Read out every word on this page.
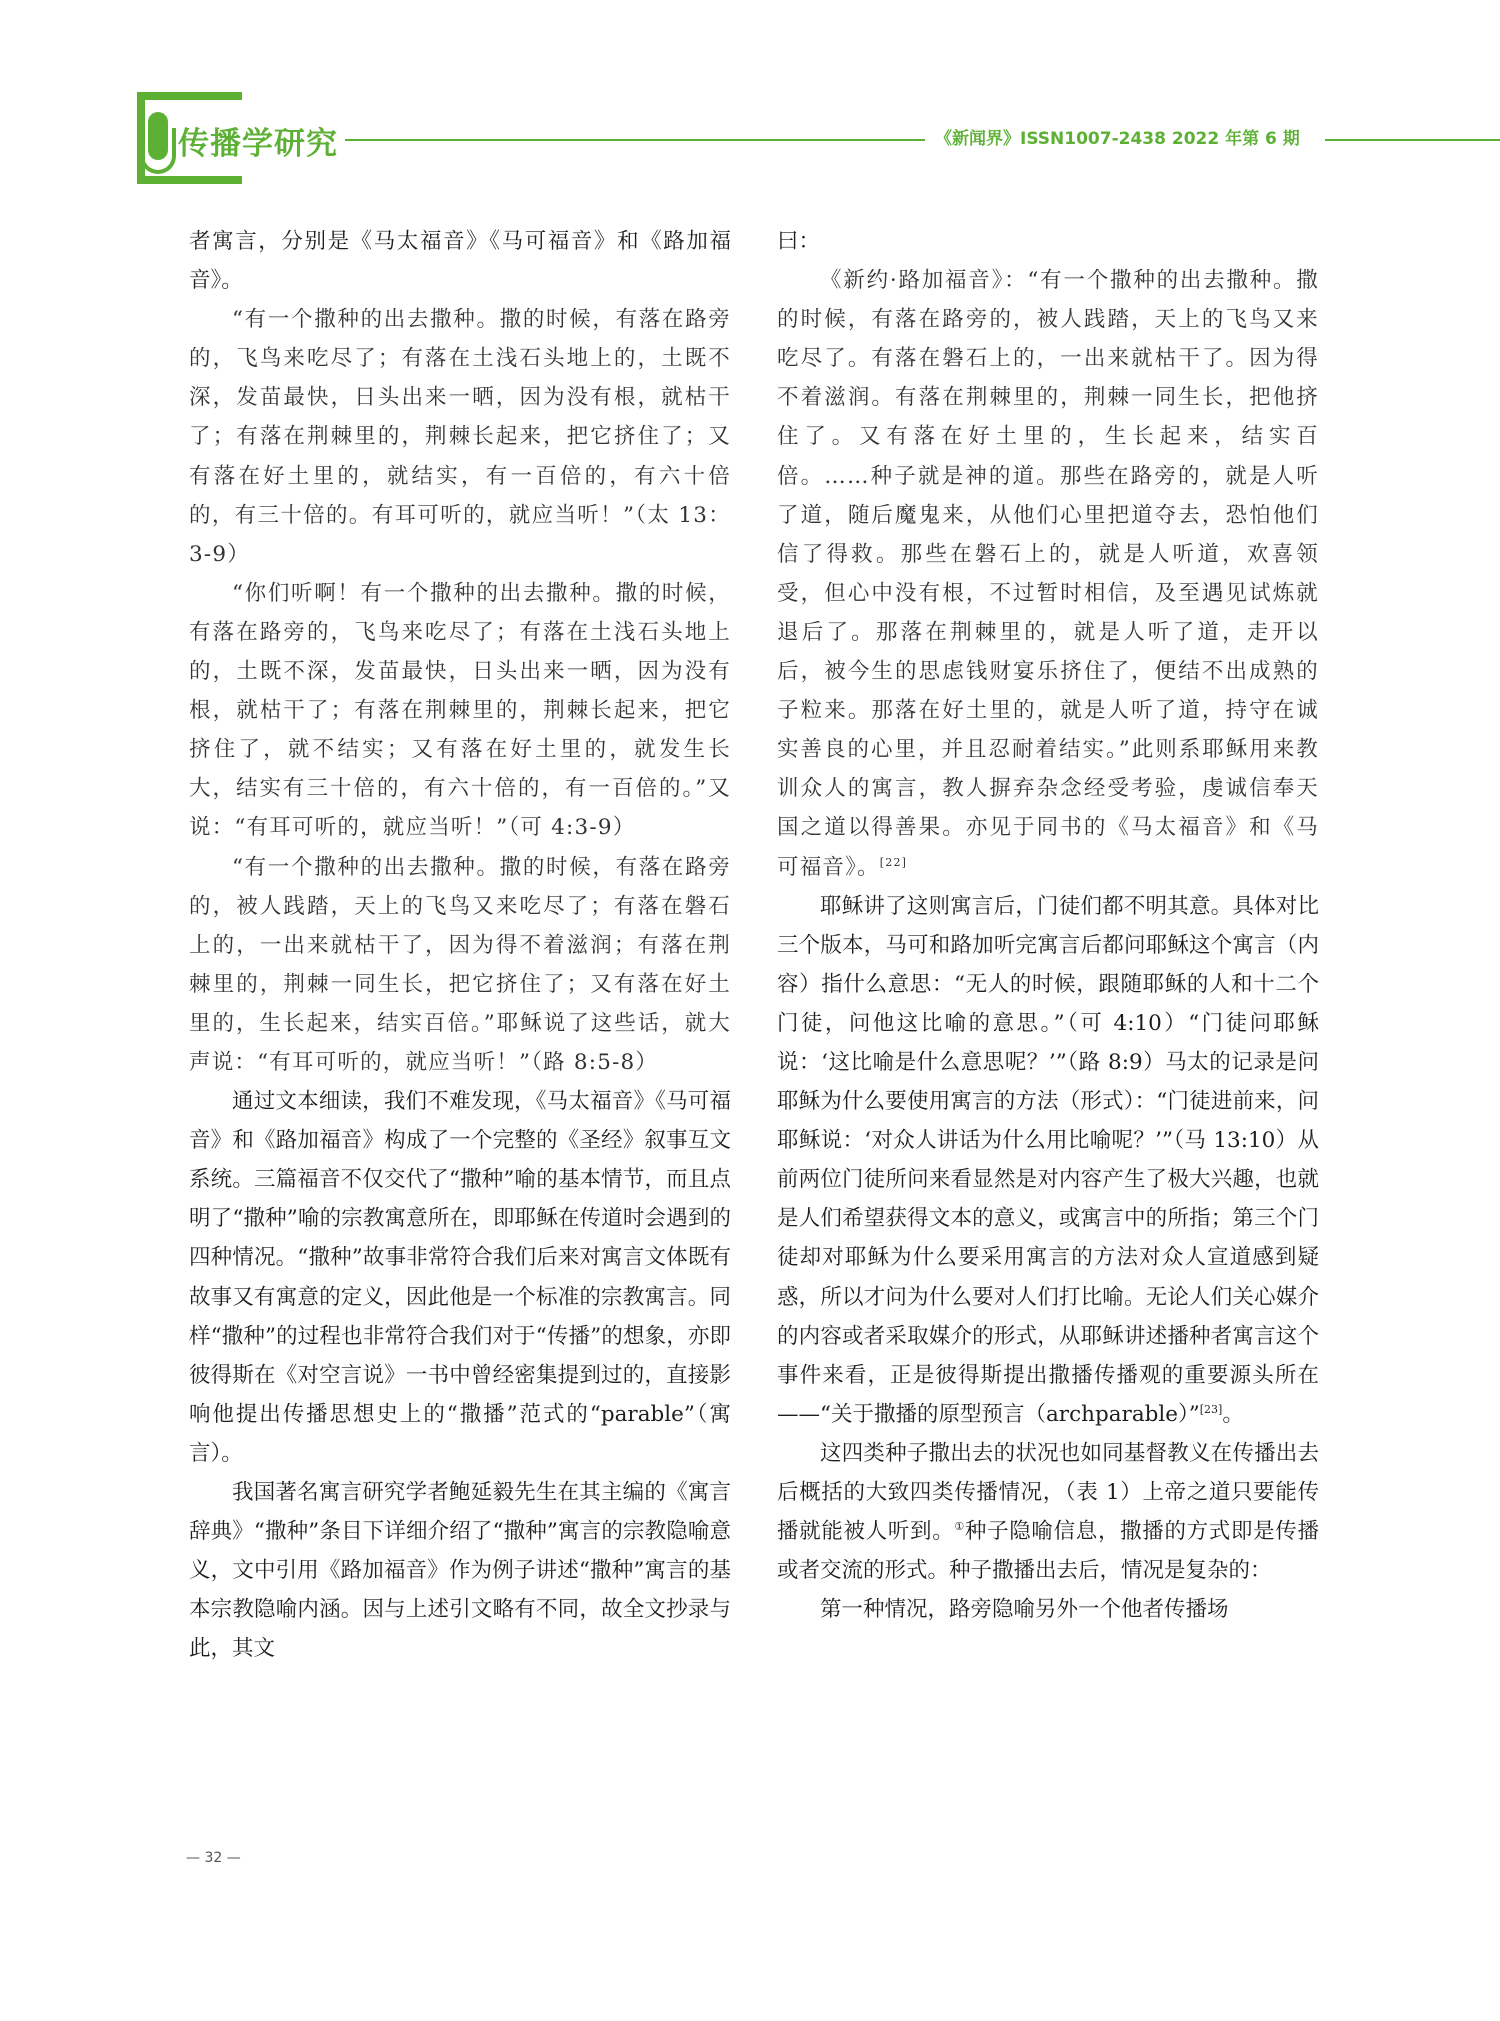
传播学研究	《新闻界》ISSN1007-2438 2022 年第 6 期

者寓言，分别是《马太福音》《马可福音》和《路加福音》。

“有一个撒种的出去撒种。撒的时候，有落在路旁的，飞鸟来吃尽了；有落在土浅石头地上的，土既不深，发苗最快，日头出来一晒，因为没有根，就枯干了；有落在荆棘里的，荆棘长起来，把它挤住了；又有落在好土里的，就结实，有一百倍的，有六十倍的，有三十倍的。有耳可听的，就应当听！”（太 13：3-9）

“你们听啊！有一个撒种的出去撒种。撒的时候，有落在路旁的，飞鸟来吃尽了；有落在土浅石头地上的，土既不深，发苗最快，日头出来一晒，因为没有根，就枯干了；有落在荆棘里的，荆棘长起来，把它挤住了，就不结实；又有落在好土里的，就发生长大，结实有三十倍的，有六十倍的，有一百倍的。”又说：“有耳可听的，就应当听！”（可 4:3-9）

“有一个撒种的出去撒种。撒的时候，有落在路旁的，被人践踏，天上的飞鸟又来吃尽了；有落在磐石上的，一出来就枯干了，因为得不着滋润；有落在荆棘里的，荆棘一同生长，把它挤住了；又有落在好土里的，生长起来，结实百倍。”耶稣说了这些话，就大声说：“有耳可听的，就应当听！”（路 8:5-8）

通过文本细读，我们不难发现，《马太福音》《马可福音》和《路加福音》构成了一个完整的《圣经》叙事互文系统。三篇福音不仅交代了“撒种”喻的基本情节，而且点明了“撒种”喻的宗教寓意所在，即耶稣在传道时会遇到的四种情况。“撒种”故事非常符合我们后来对寓言文体既有故事又有寓意的定义，因此他是一个标准的宗教寓言。同样“撒种”的过程也非常符合我们对于“传播”的想象，亦即彼得斯在《对空言说》一书中曾经密集提到过的，直接影响他提出传播思想史上的“撒播”范式的“parable”（寓言）。

我国著名寓言研究学者鲍延毅先生在其主编的《寓言辞典》“撒种”条目下详细介绍了“撒种”寓言的宗教隐喻意义，文中引用《路加福音》作为例子讲述“撒种”寓言的基本宗教隐喻内涵。因与上述引文略有不同，故全文抄录与此，其文

曰：

《新约·路加福音》：“有一个撒种的出去撒种。撒的时候，有落在路旁的，被人践踏，天上的飞鸟又来吃尽了。有落在磐石上的，一出来就枯干了。因为得不着滋润。有落在荆棘里的，荆棘一同生长，把他挤住了。又有落在好土里的，生长起来，结实百倍。……种子就是神的道。那些在路旁的，就是人听了道，随后魔鬼来，从他们心里把道夺去，恐怕他们信了得救。那些在磐石上的，就是人听道，欢喜领受，但心中没有根，不过暂时相信，及至遇见试炼就退后了。那落在荆棘里的，就是人听了道，走开以后，被今生的思虑钱财宴乐挤住了，便结不出成熟的子粒来。那落在好土里的，就是人听了道，持守在诚实善良的心里，并且忍耐着结实。”此则系耶稣用来教训众人的寓言，教人摒弃杂念经受考验，虔诚信奉天国之道以得善果。亦见于同书的《马太福音》和《马可福音》。[22]

耶稣讲了这则寓言后，门徒们都不明其意。具体对比三个版本，马可和路加听完寓言后都问耶稣这个寓言（内容）指什么意思：“无人的时候，跟随耶稣的人和十二个门徒，问他这比喻的意思。”（可 4:10）“门徒问耶稣说：‘这比喻是什么意思呢？’”（路 8:9）马太的记录是问耶稣为什么要使用寓言的方法（形式）：“门徒进前来，问耶稣说：‘对众人讲话为什么用比喻呢？’”（马 13:10）从前两位门徒所问来看显然是对内容产生了极大兴趣，也就是人们希望获得文本的意义，或寓言中的所指；第三个门徒却对耶稣为什么要采用寓言的方法对众人宣道感到疑惑，所以才问为什么要对人们打比喻。无论人们关心媒介的内容或者采取媒介的形式，从耶稣讲述播种者寓言这个事件来看，正是彼得斯提出撒播传播观的重要源头所在——“关于撒播的原型预言（archparable）”[23]。

这四类种子撒出去的状况也如同基督教义在传播出去后概括的大致四类传播情况，（表 1）上帝之道只要能传播就能被人听到。①种子隐喻信息，撒播的方式即是传播或者交流的形式。种子撒播出去后，情况是复杂的：

第一种情况，路旁隐喻另外一个他者传播场

— 32 —
